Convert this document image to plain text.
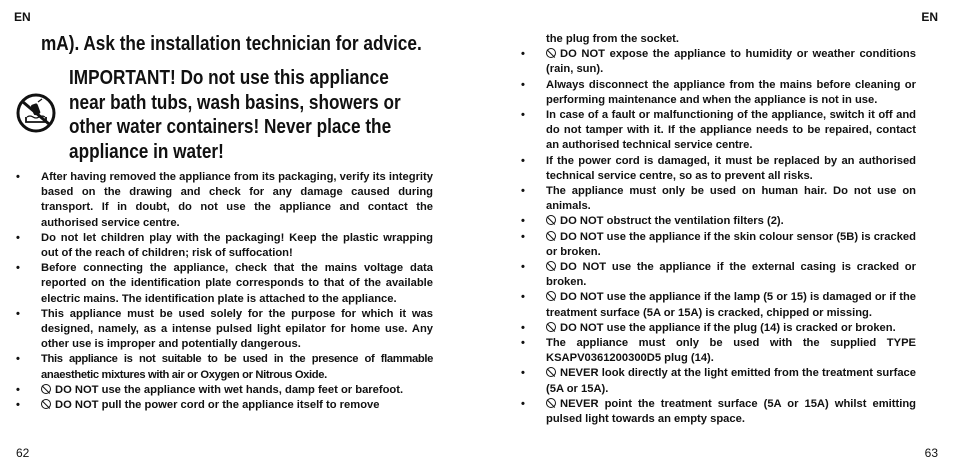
EN
mA). Ask the installation technician for advice.
IMPORTANT! Do not use this appliance
near bath tubs, wash basins, showers or
other water containers! Never place the
appliance in water!
• After having removed the appliance from its packaging, verify its integrity based on the drawing and check for any damage caused during transport. If in doubt, do not use the appliance and contact the authorised service centre.
• Do not let children play with the packaging! Keep the plastic wrapping out of the reach of children; risk of suffocation!
• Before connecting the appliance, check that the mains voltage data reported on the identification plate corresponds to that of the available electric mains. The identification plate is attached to the appliance.
• This appliance must be used solely for the purpose for which it was designed, namely, as a intense pulsed light epilator for home use. Any other use is improper and potentially dangerous.
• This appliance is not suitable to be used in the presence of flammable anaesthetic mixtures with air or Oxygen or Nitrous Oxide.
•	DO NOT use the appliance with wet hands, damp feet or barefoot.
•	DO NOT pull the power cord or the appliance itself to remove
62
EN
the plug from the socket.
•	DO NOT expose the appliance to humidity or weather conditions (rain, sun).
• Always disconnect the appliance from the mains before cleaning or performing maintenance and when the appliance is not in use.
• In case of a fault or malfunctioning of the appliance, switch it off and do not tamper with it. If the appliance needs to be repaired, contact an authorised technical service centre.
• If the power cord is damaged, it must be replaced by an authorised technical service centre, so as to prevent all risks.
• The appliance must only be used on human hair. Do not use on animals.
•	DO NOT obstruct the ventilation filters (2).
•	DO NOT use the appliance if the skin colour sensor (5B) is cracked or broken.
•	DO NOT use the appliance if the external casing is cracked or broken.
•	DO NOT use the appliance if the lamp (5 or 15) is damaged or if the treatment surface (5A or 15A) is cracked, chipped or missing.
•	DO NOT use the appliance if the plug (14) is cracked or broken.
• The appliance must only be used with the supplied TYPE KSAPV0361200300D5 plug (14).
•	NEVER look directly at the light emitted from the treatment surface (5A or 15A).
•	NEVER point the treatment surface (5A or 15A) whilst emitting pulsed light towards an empty space.
63
